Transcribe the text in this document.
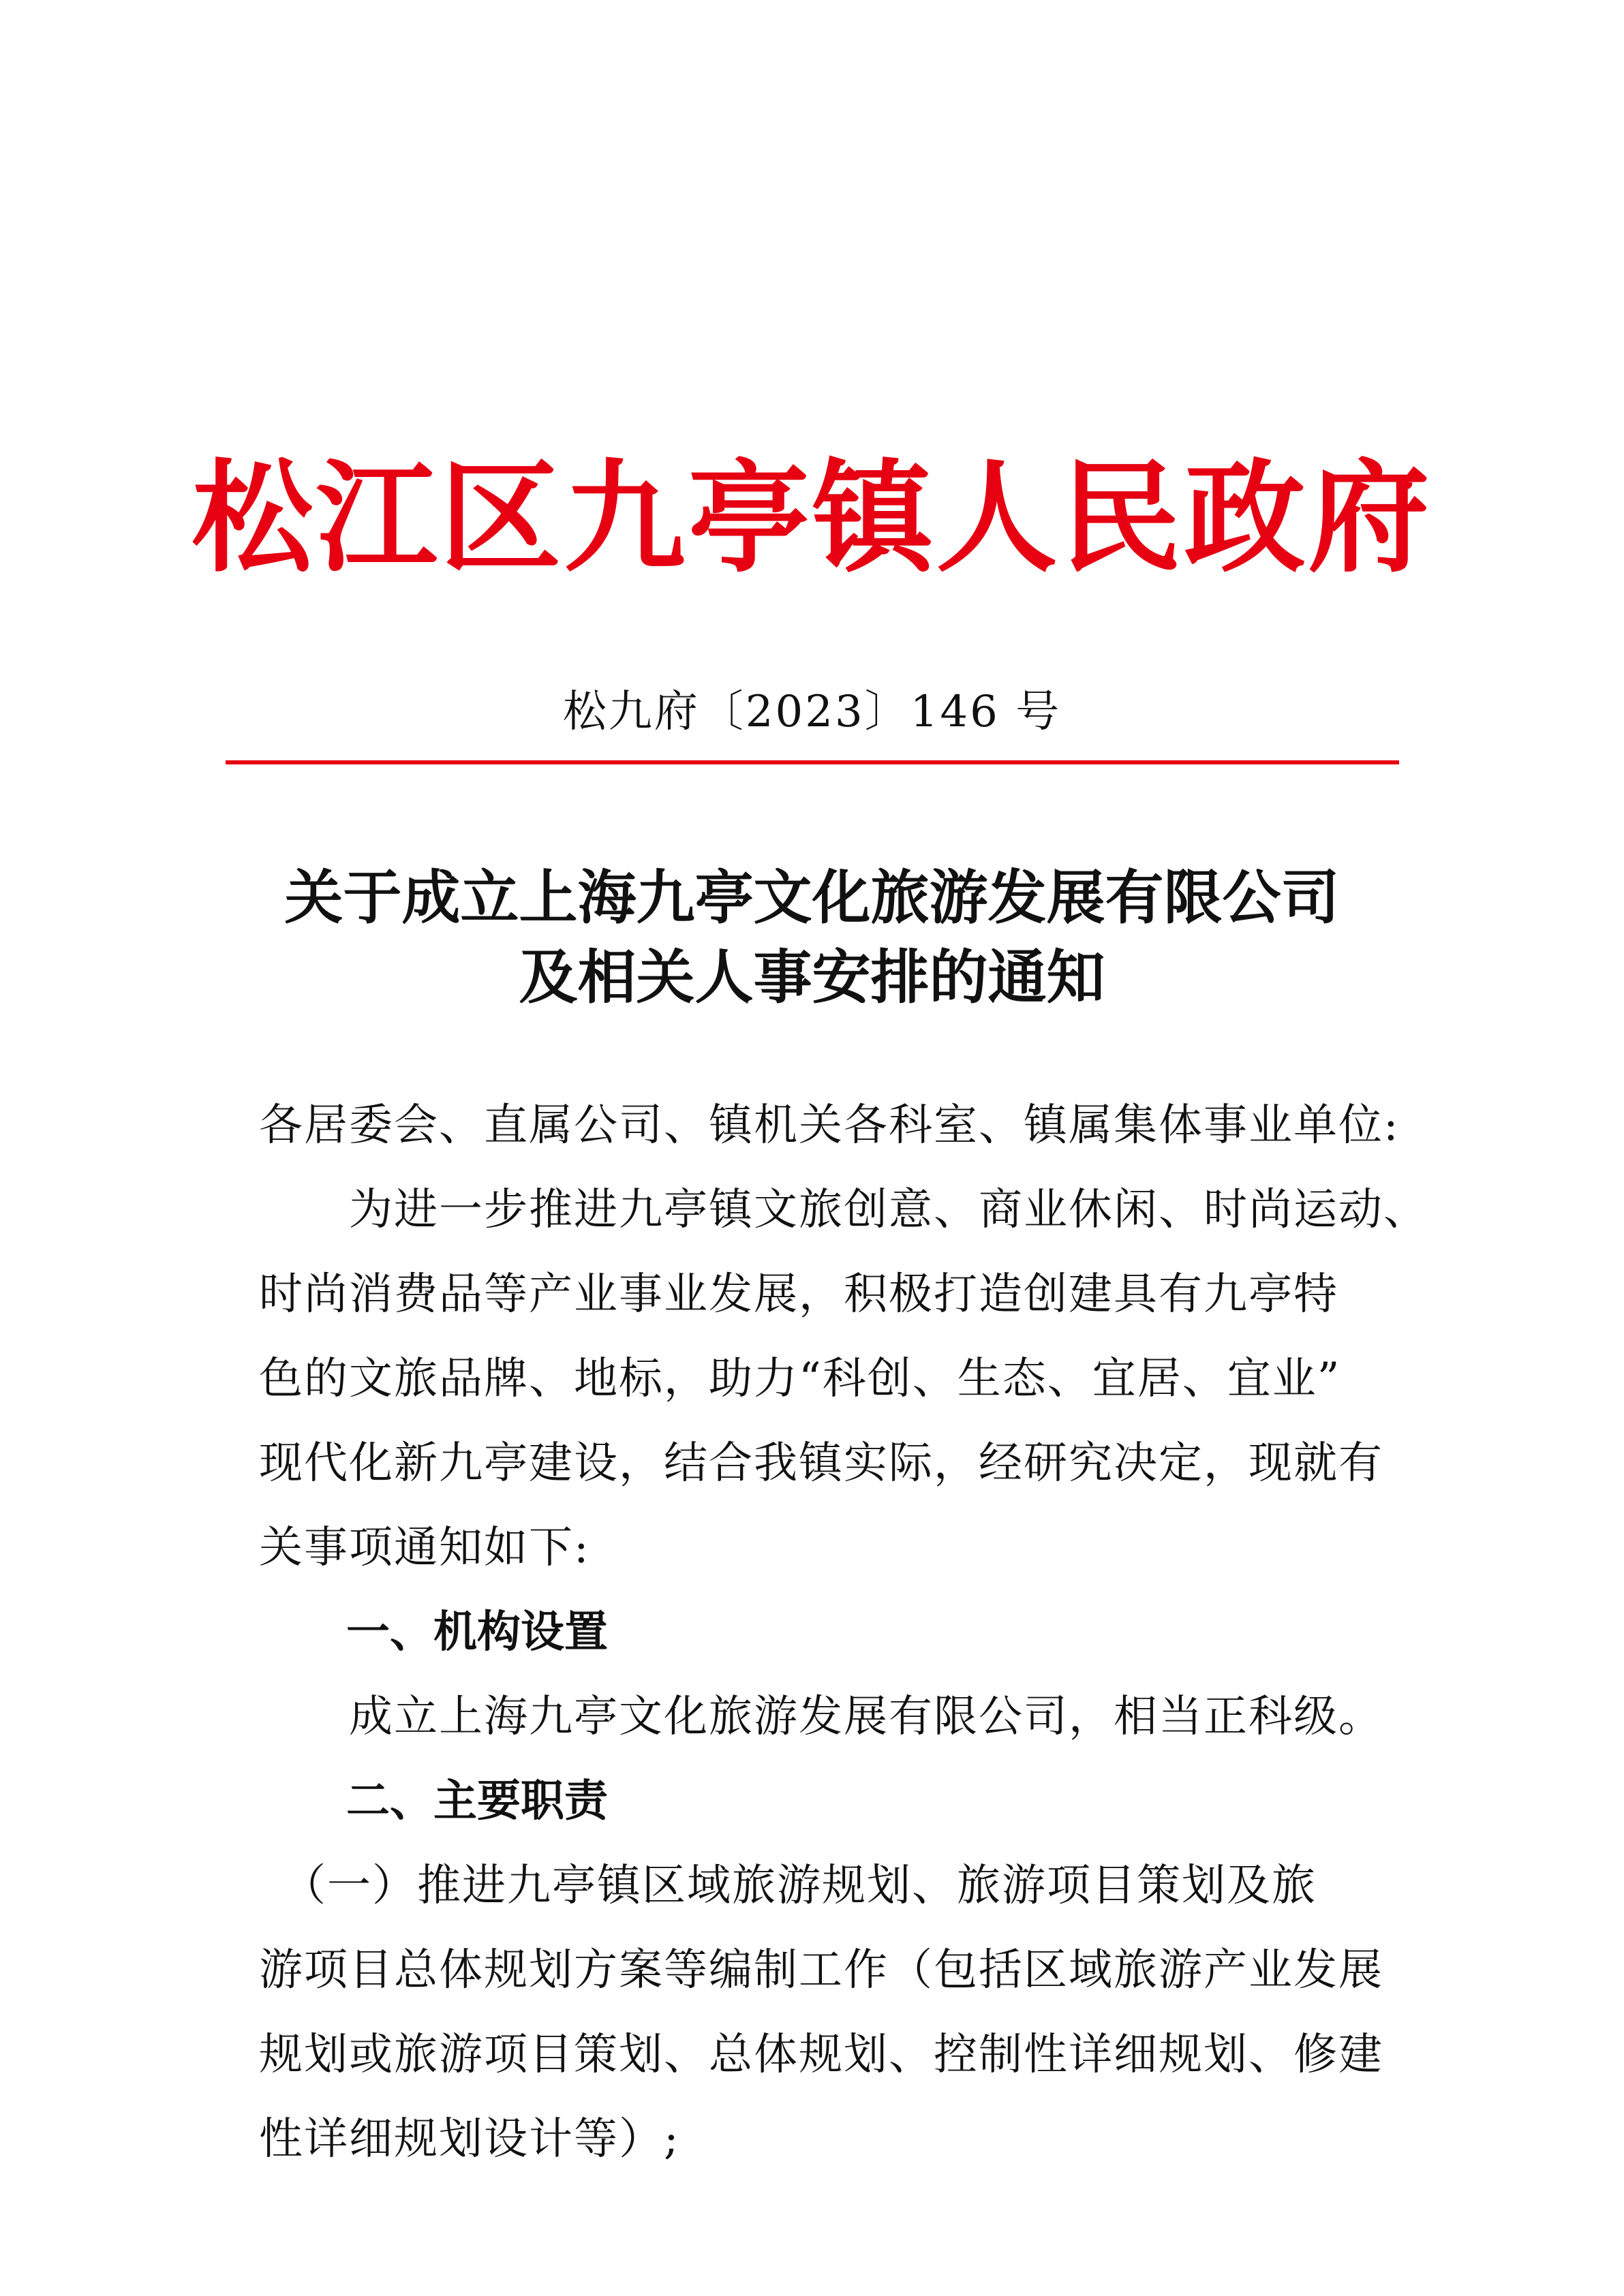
松江区九亭镇人民政府
松九府〔2023〕146 号
关于成立上海九亭文化旅游发展有限公司
及相关人事安排的通知
各居委会、直属公司、镇机关各科室、镇属集体事业单位:
　　为进一步推进九亭镇文旅创意、商业休闲、时尚运动、
时尚消费品等产业事业发展，积极打造创建具有九亭特
色的文旅品牌、地标，助力“科创、生态、宜居、宜业”
现代化新九亭建设，结合我镇实际，经研究决定，现就有
关事项通知如下:
一、机构设置
　　成立上海九亭文化旅游发展有限公司，相当正科级。
二、主要职责
　（一）推进九亭镇区域旅游规划、旅游项目策划及旅
游项目总体规划方案等编制工作（包括区域旅游产业发展
规划或旅游项目策划、总体规划、控制性详细规划、修建
性详细规划设计等）;
